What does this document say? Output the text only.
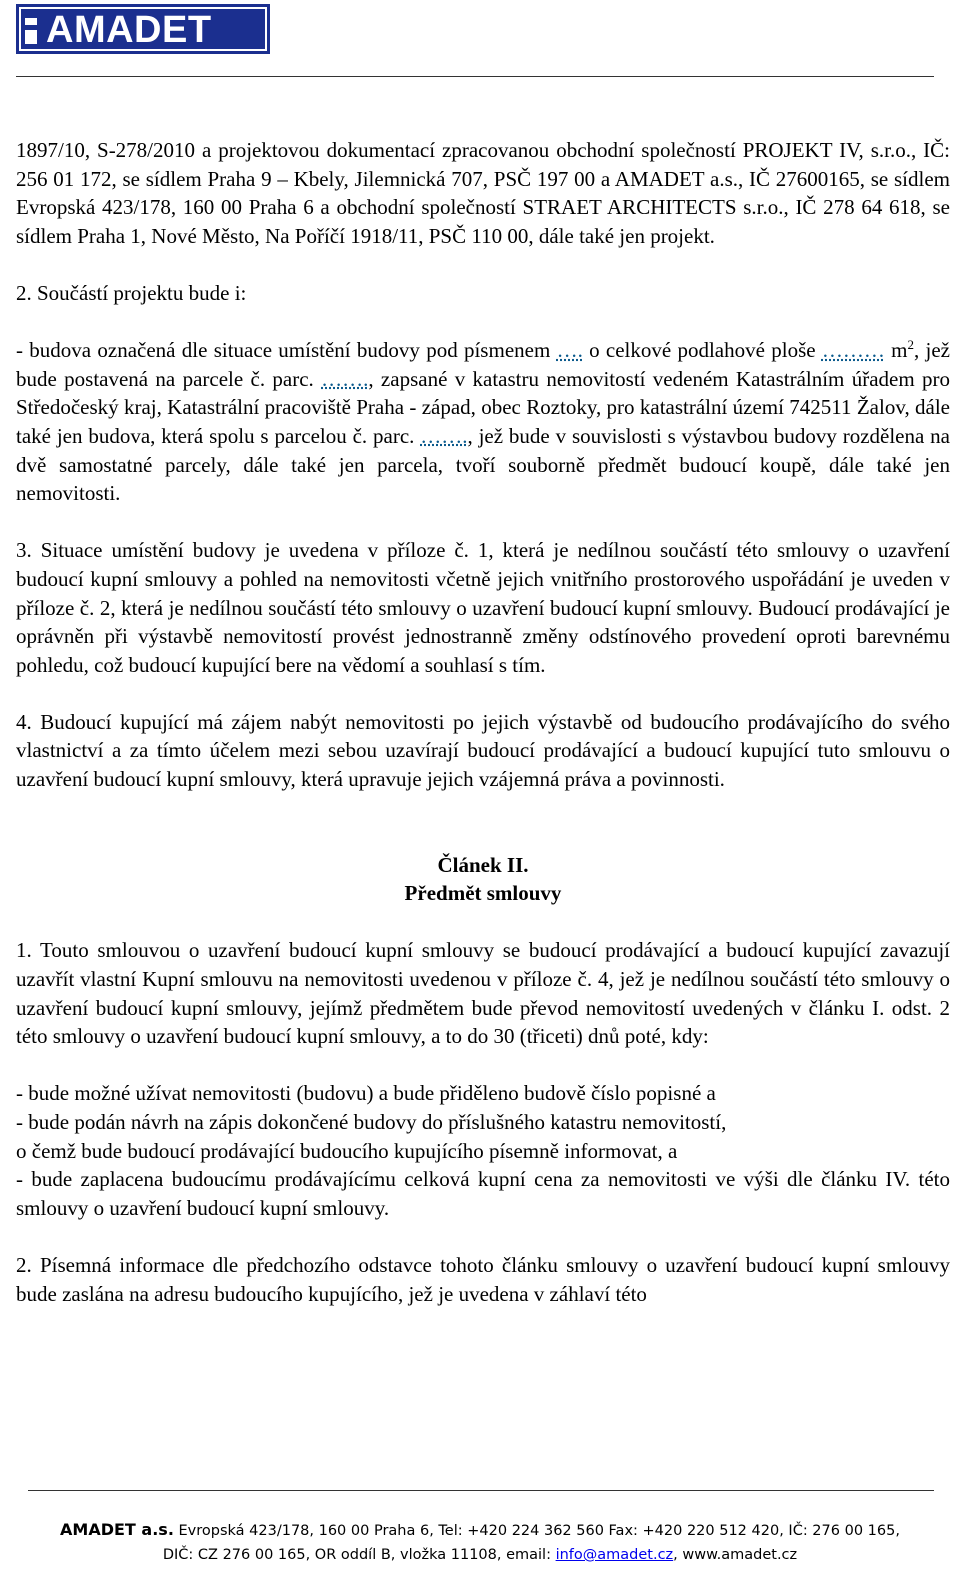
AMADET

1897/10, S-278/2010 a projektovou dokumentací zpracovanou obchodní společností PROJEKT IV, s.r.o., IČ: 256 01 172, se sídlem Praha 9 – Kbely, Jilemnická 707, PSČ 197 00 a AMADET a.s., IČ 27600165, se sídlem Evropská 423/178, 160 00 Praha 6 a obchodní společností STRAET ARCHITECTS s.r.o., IČ 278 64 618, se sídlem Praha 1, Nové Město, Na Poříčí 1918/11, PSČ 110 00, dále také jen projekt.

2. Součástí projektu bude i:

- budova označená dle situace umístění budovy pod písmenem …. o celkové podlahové ploše ……… $m^2$, jež bude postavená na parcele č. parc. ……., zapsané v katastru nemovitostí vedeném Katastrálním úřadem pro Středočeský kraj, Katastrální pracoviště Praha - západ, obec Roztoky, pro katastrální území 742511 Žalov, dále také jen budova, která spolu s parcelou č. parc. ……., jež bude v souvislosti s výstavbou budovy rozdělena na dvě samostatné parcely, dále také jen parcela, tvoří souborně předmět budoucí koupě, dále také jen nemovitosti.

3. Situace umístění budovy je uvedena v příloze č. 1, která je nedílnou součástí této smlouvy o uzavření budoucí kupní smlouvy a pohled na nemovitosti včetně jejich vnitřního prostorového uspořádání je uveden v příloze č. 2, která je nedílnou součástí této smlouvy o uzavření budoucí kupní smlouvy. Budoucí prodávající je oprávněn při výstavbě nemovitostí provést jednostranně změny odstínového provedení oproti barevnému pohledu, což budoucí kupující bere na vědomí a souhlasí s tím.

4. Budoucí kupující má zájem nabýt nemovitosti po jejich výstavbě od budoucího prodávajícího do svého vlastnictví a za tímto účelem mezi sebou uzavírají budoucí prodávající a budoucí kupující tuto smlouvu o uzavření budoucí kupní smlouvy, která upravuje jejich vzájemná práva a povinnosti.

Článek II.

Předmět smlouvy

1. Touto smlouvou o uzavření budoucí kupní smlouvy se budoucí prodávající a budoucí kupující zavazují uzavřít vlastní Kupní smlouvu na nemovitosti uvedenou v příloze č. 4, jež je nedílnou součástí této smlouvy o uzavření budoucí kupní smlouvy, jejímž předmětem bude převod nemovitostí uvedených v článku I. odst. 2 této smlouvy o uzavření budoucí kupní smlouvy, a to do 30 (třiceti) dnů poté, kdy:

- bude možné užívat nemovitosti (budovu) a bude přiděleno budově číslo popisné a

- bude podán návrh na zápis dokončené budovy do příslušného katastru nemovitostí,

o čemž bude budoucí prodávající budoucího kupujícího písemně informovat, a

- bude zaplacena budoucímu prodávajícímu celková kupní cena za nemovitosti ve výši dle článku IV. této smlouvy o uzavření budoucí kupní smlouvy.

2. Písemná informace dle předchozího odstavce tohoto článku smlouvy o uzavření budoucí kupní smlouvy bude zaslána na adresu budoucího kupujícího, jež je uvedena v záhlaví této

AMADET a.s. Evropská 423/178, 160 00 Praha 6, Tel: +420 224 362 560 Fax: +420 220 512 420, IČ: 276 00 165,
DIČ: CZ 276 00 165, OR oddíl B, vložka 11108, email: info@amadet.cz, www.amadet.cz
